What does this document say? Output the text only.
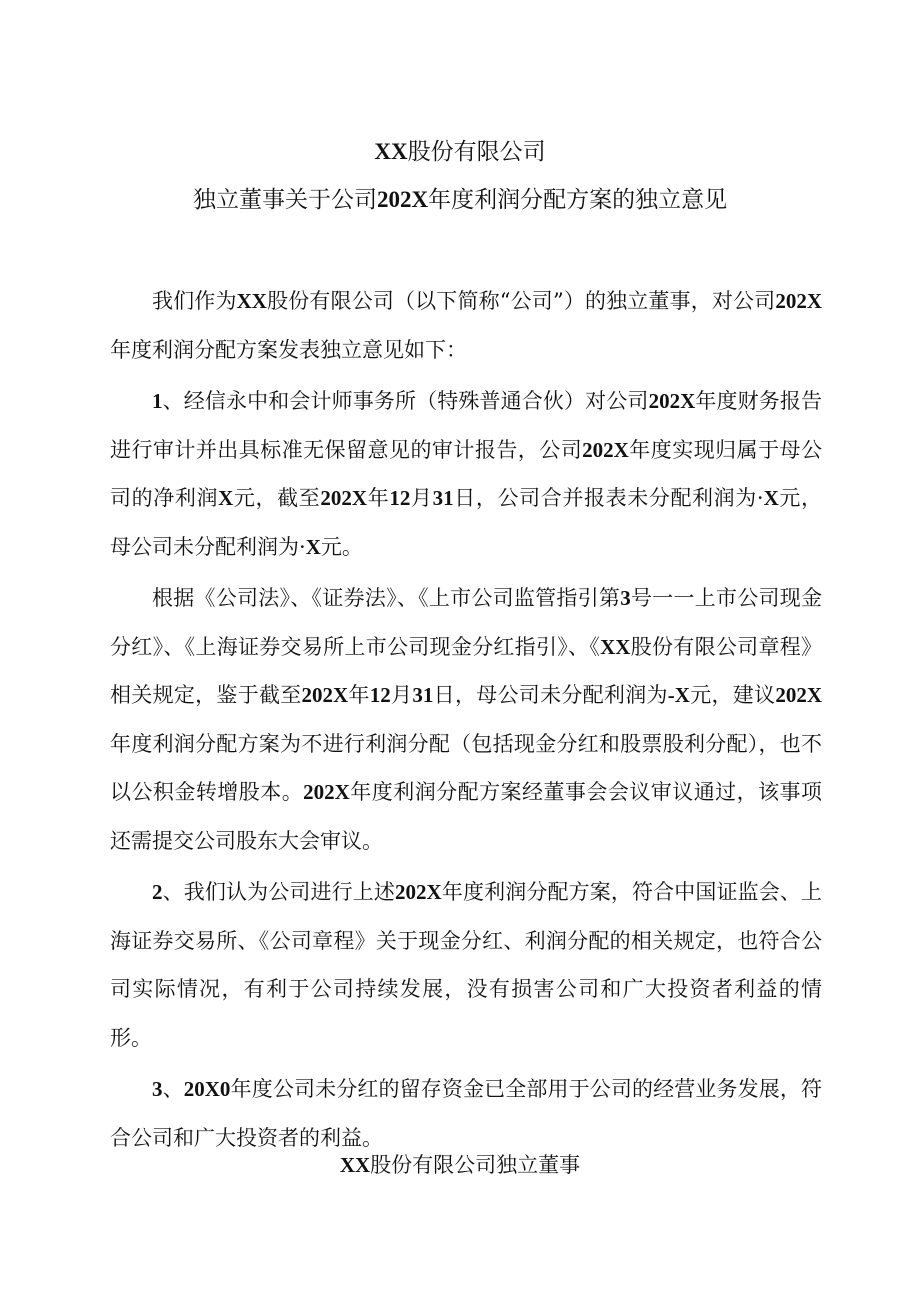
XX股份有限公司
独立董事关于公司202X年度利润分配方案的独立意见

我们作为XX股份有限公司（以下简称“公司”）的独立董事，对公司202X年度利润分配方案发表独立意见如下：

1、经信永中和会计师事务所（特殊普通合伙）对公司202X年度财务报告进行审计并出具标准无保留意见的审计报告，公司202X年度实现归属于母公司的净利润X元，截至202X年12月31日，公司合并报表未分配利润为·X元，母公司未分配利润为·X元。

根据《公司法》、《证券法》、《上市公司监管指引第3号一一上市公司现金分红》、《上海证券交易所上市公司现金分红指引》、《XX股份有限公司章程》相关规定，鉴于截至202X年12月31日，母公司未分配利润为-X元，建议202X年度利润分配方案为不进行利润分配（包括现金分红和股票股利分配），也不以公积金转增股本。202X年度利润分配方案经董事会会议审议通过，该事项还需提交公司股东大会审议。

2、我们认为公司进行上述202X年度利润分配方案，符合中国证监会、上海证券交易所、《公司章程》关于现金分红、利润分配的相关规定，也符合公司实际情况，有利于公司持续发展，没有损害公司和广大投资者利益的情形。

3、20X0年度公司未分红的留存资金已全部用于公司的经营业务发展，符合公司和广大投资者的利益。

XX股份有限公司独立董事
